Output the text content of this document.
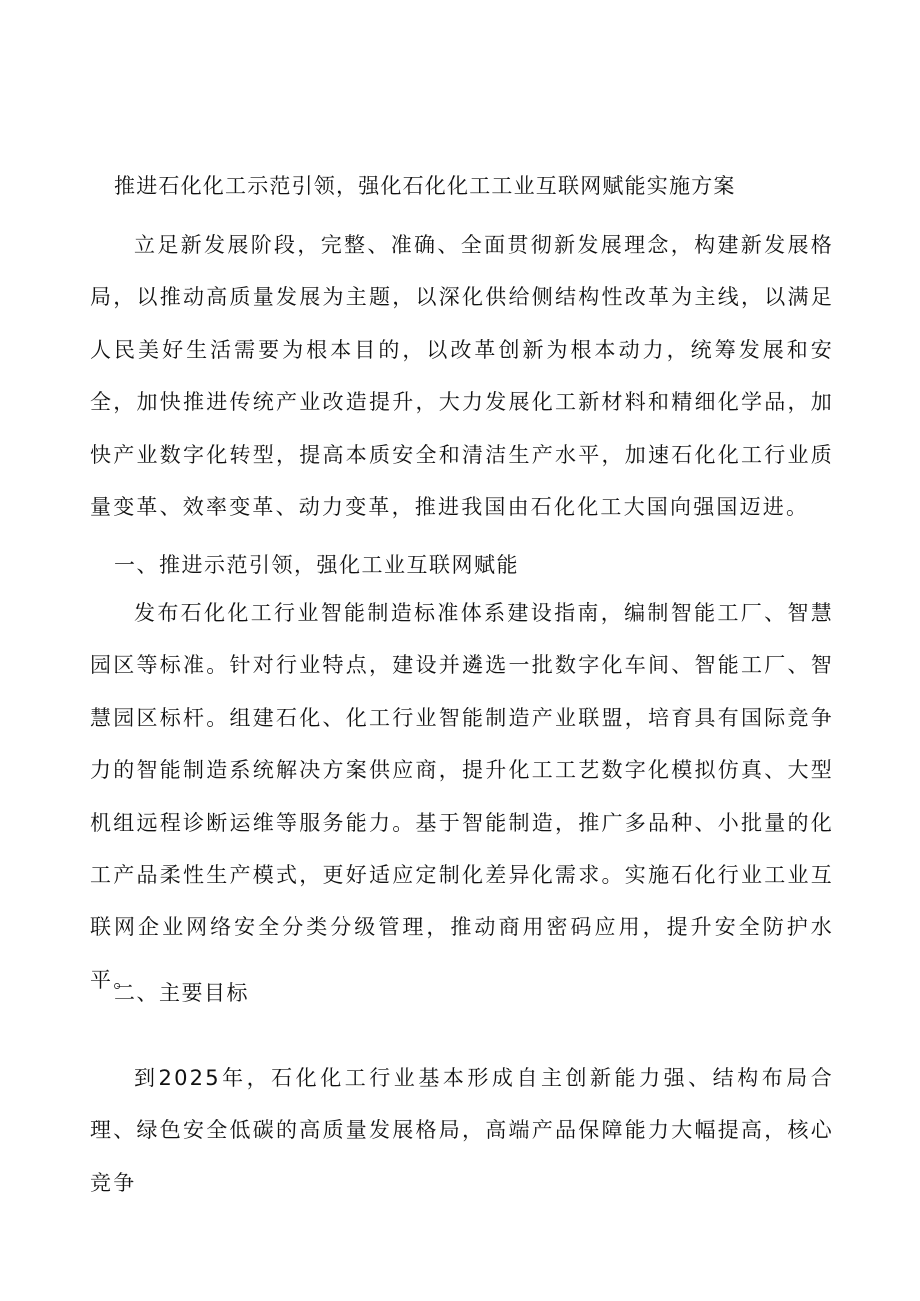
推进石化化工示范引领，强化石化化工工业互联网赋能实施方案

立足新发展阶段，完整、准确、全面贯彻新发展理念，构建新发展格局，以推动高质量发展为主题，以深化供给侧结构性改革为主线，以满足人民美好生活需要为根本目的，以改革创新为根本动力，统筹发展和安全，加快推进传统产业改造提升，大力发展化工新材料和精细化学品，加快产业数字化转型，提高本质安全和清洁生产水平，加速石化化工行业质量变革、效率变革、动力变革，推进我国由石化化工大国向强国迈进。

一、推进示范引领，强化工业互联网赋能

发布石化化工行业智能制造标准体系建设指南，编制智能工厂、智慧园区等标准。针对行业特点，建设并遴选一批数字化车间、智能工厂、智慧园区标杆。组建石化、化工行业智能制造产业联盟，培育具有国际竞争力的智能制造系统解决方案供应商，提升化工工艺数字化模拟仿真、大型机组远程诊断运维等服务能力。基于智能制造，推广多品种、小批量的化工产品柔性生产模式，更好适应定制化差异化需求。实施石化行业工业互联网企业网络安全分类分级管理，推动商用密码应用，提升安全防护水平。

二、主要目标

到2025年，石化化工行业基本形成自主创新能力强、结构布局合理、绿色安全低碳的高质量发展格局，高端产品保障能力大幅提高，核心竞争
